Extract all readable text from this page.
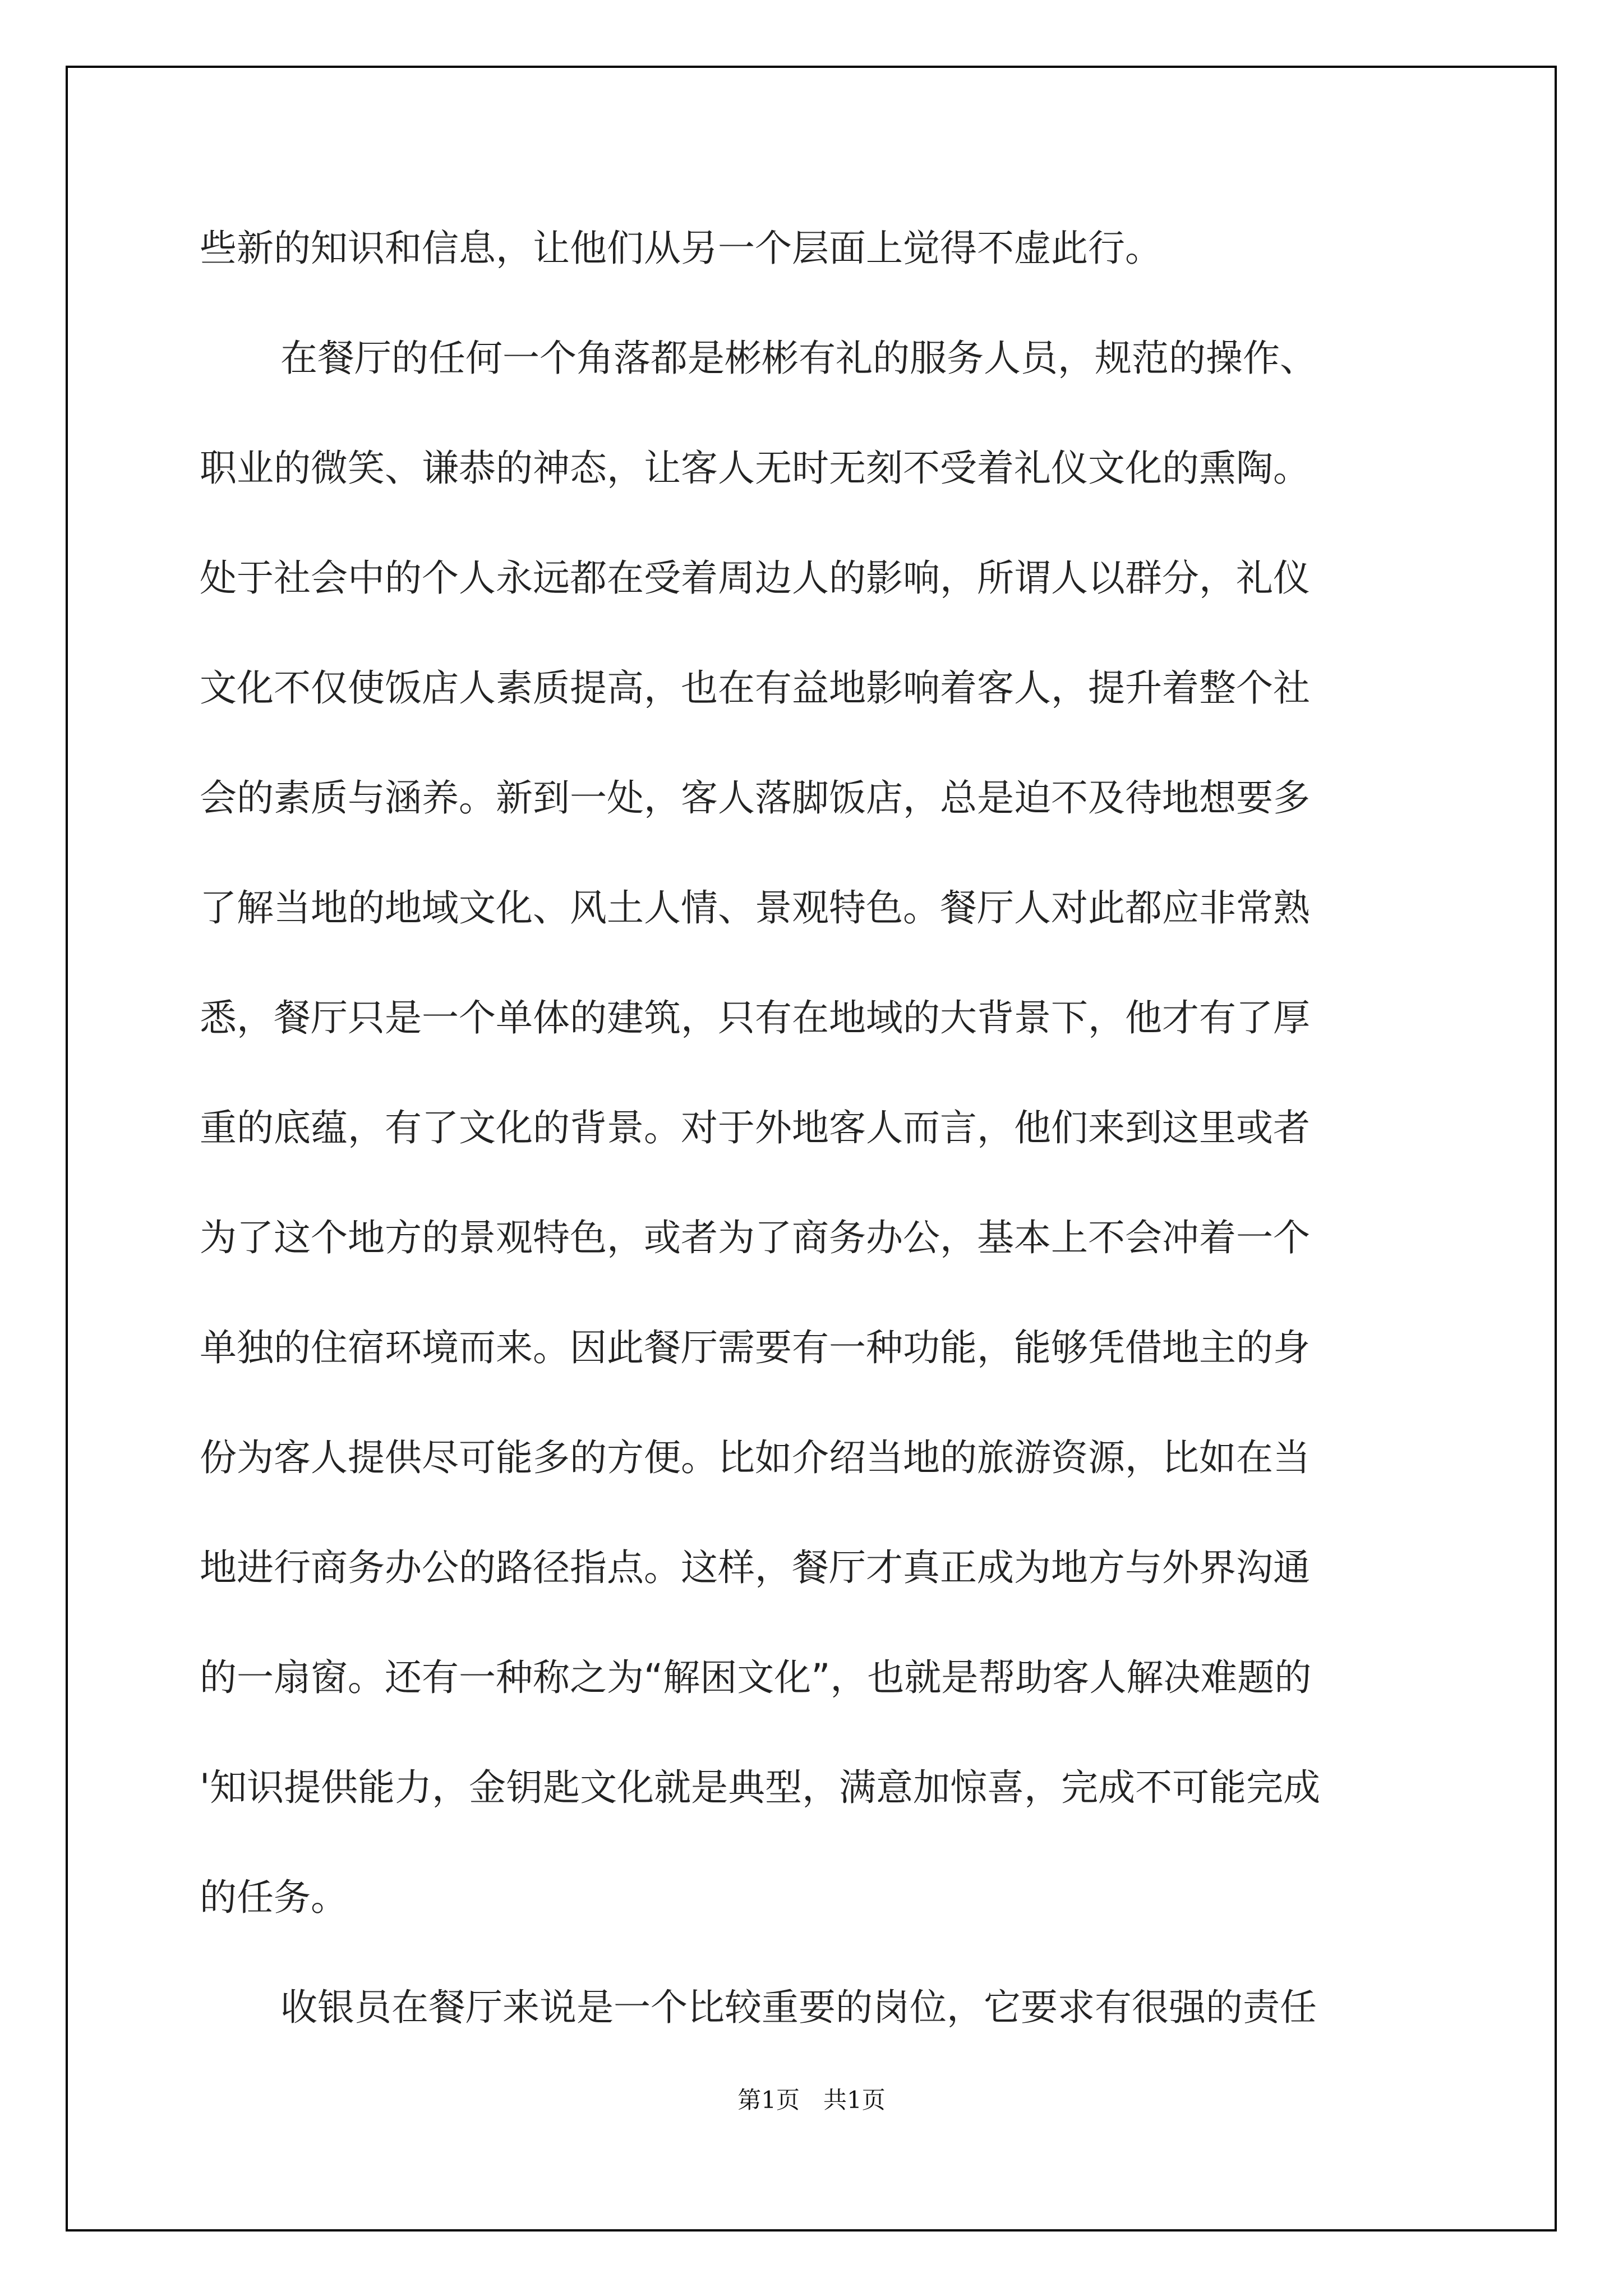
些新的知识和信息，让他们从另一个层面上觉得不虚此行。
在餐厅的任何一个角落都是彬彬有礼的服务人员，规范的操作、
职业的微笑、谦恭的神态，让客人无时无刻不受着礼仪文化的熏陶。
处于社会中的个人永远都在受着周边人的影响，所谓人以群分，礼仪
文化不仅使饭店人素质提高，也在有益地影响着客人，提升着整个社
会的素质与涵养。新到一处，客人落脚饭店，总是迫不及待地想要多
了解当地的地域文化、风土人情、景观特色。餐厅人对此都应非常熟
悉，餐厅只是一个单体的建筑，只有在地域的大背景下，他才有了厚
重的底蕴，有了文化的背景。对于外地客人而言，他们来到这里或者
为了这个地方的景观特色，或者为了商务办公，基本上不会冲着一个
单独的住宿环境而来。因此餐厅需要有一种功能，能够凭借地主的身
份为客人提供尽可能多的方便。比如介绍当地的旅游资源，比如在当
地进行商务办公的路径指点。这样，餐厅才真正成为地方与外界沟通
的一扇窗。还有一种称之为“解困文化”，也就是帮助客人解决难题的
'知识提供能力，金钥匙文化就是典型，满意加惊喜，完成不可能完成
的任务。
收银员在餐厅来说是一个比较重要的岗位，它要求有很强的责任
第1页　共1页
